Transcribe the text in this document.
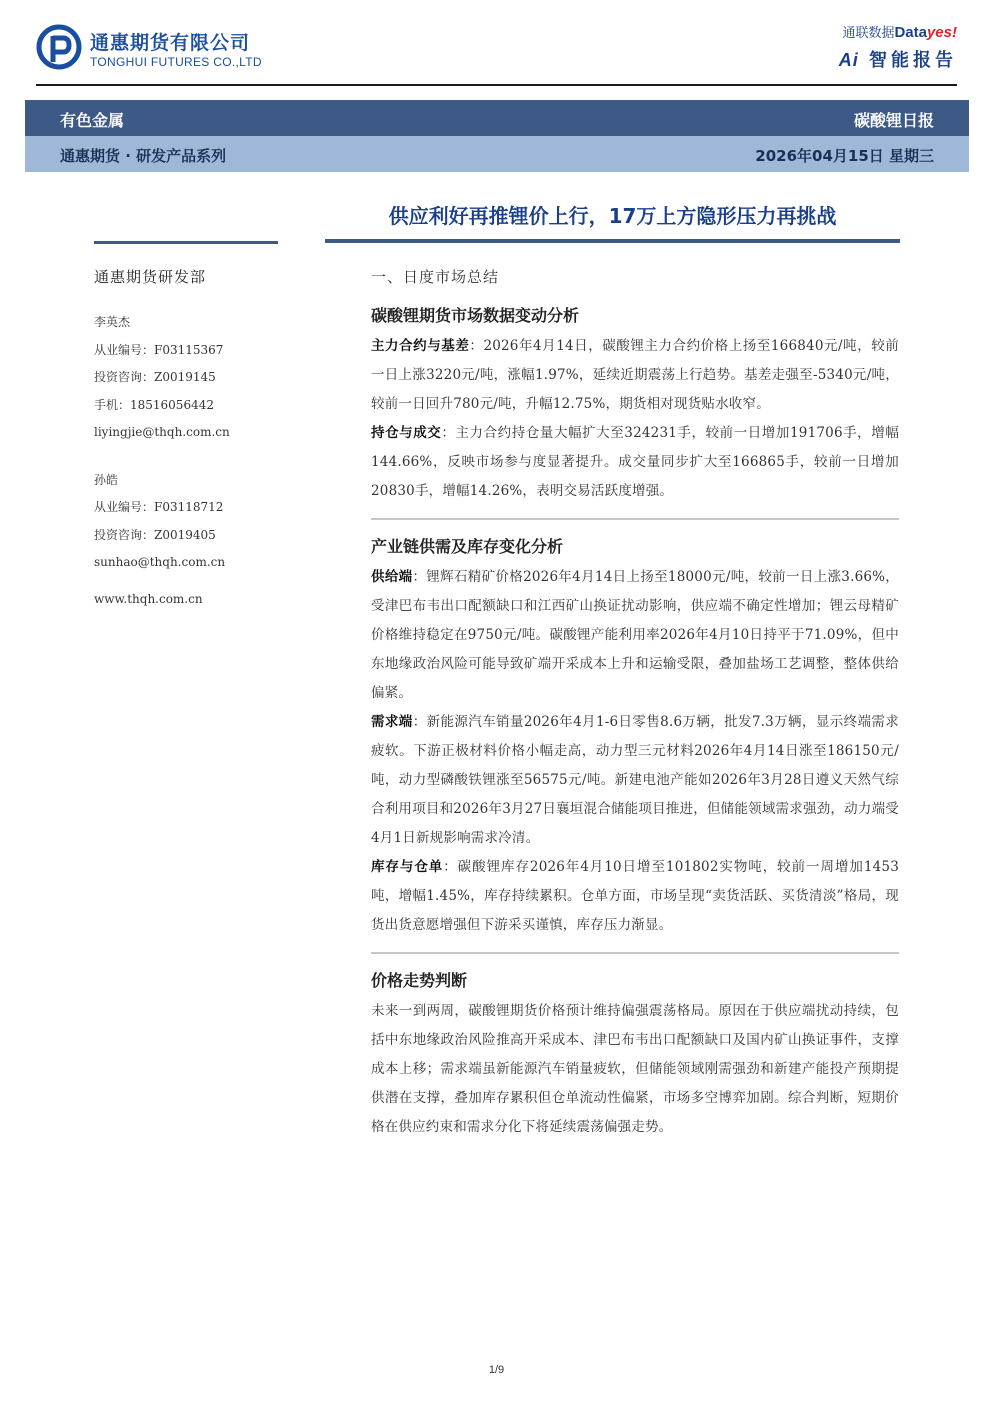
通惠期货有限公司
TONGHUI FUTURES CO.,LTD
通联数据Datayes!
Ai 智能报告
有色金属	碳酸锂日报
通惠期货 · 研发产品系列	2026年04月15日 星期三
供应利好再推锂价上行，17万上方隐形压力再挑战
通惠期货研发部
李英杰
从业编号：F03115367
投资咨询：Z0019145
手机：18516056442
liyingjie@thqh.com.cn
孙皓
从业编号：F03118712
投资咨询：Z0019405
sunhao@thqh.com.cn
www.thqh.com.cn
一、日度市场总结
碳酸锂期货市场数据变动分析

主力合约与基差：2026年4月14日，碳酸锂主力合约价格上扬至166840元/吨，较前一日上涨3220元/吨，涨幅1.97%，延续近期震荡上行趋势。基差走强至-5340元/吨，较前一日回升780元/吨，升幅12.75%，期货相对现货贴水收窄。

持仓与成交：主力合约持仓量大幅扩大至324231手，较前一日增加191706手，增幅144.66%，反映市场参与度显著提升。成交量同步扩大至166865手，较前一日增加20830手，增幅14.26%，表明交易活跃度增强。

产业链供需及库存变化分析

供给端：锂辉石精矿价格2026年4月14日上扬至18000元/吨，较前一日上涨3.66%，受津巴布韦出口配额缺口和江西矿山换证扰动影响，供应端不确定性增加；锂云母精矿价格维持稳定在9750元/吨。碳酸锂产能利用率2026年4月10日持平于71.09%，但中东地缘政治风险可能导致矿端开采成本上升和运输受限，叠加盐场工艺调整，整体供给偏紧。

需求端：新能源汽车销量2026年4月1-6日零售8.6万辆，批发7.3万辆，显示终端需求疲软。下游正极材料价格小幅走高，动力型三元材料2026年4月14日涨至186150元/吨，动力型磷酸铁锂涨至56575元/吨。新建电池产能如2026年3月28日遵义天然气综合利用项目和2026年3月27日襄垣混合储能项目推进，但储能领域需求强劲，动力端受4月1日新规影响需求冷清。

库存与仓单：碳酸锂库存2026年4月10日增至101802实物吨，较前一周增加1453吨，增幅1.45%，库存持续累积。仓单方面，市场呈现“卖货活跃、买货清淡”格局，现货出货意愿增强但下游采买谨慎，库存压力渐显。

价格走势判断

未来一到两周，碳酸锂期货价格预计维持偏强震荡格局。原因在于供应端扰动持续，包括中东地缘政治风险推高开采成本、津巴布韦出口配额缺口及国内矿山换证事件，支撑成本上移；需求端虽新能源汽车销量疲软，但储能领域刚需强劲和新建产能投产预期提供潜在支撑，叠加库存累积但仓单流动性偏紧，市场多空博弈加剧。综合判断，短期价格在供应约束和需求分化下将延续震荡偏强走势。

1/9
